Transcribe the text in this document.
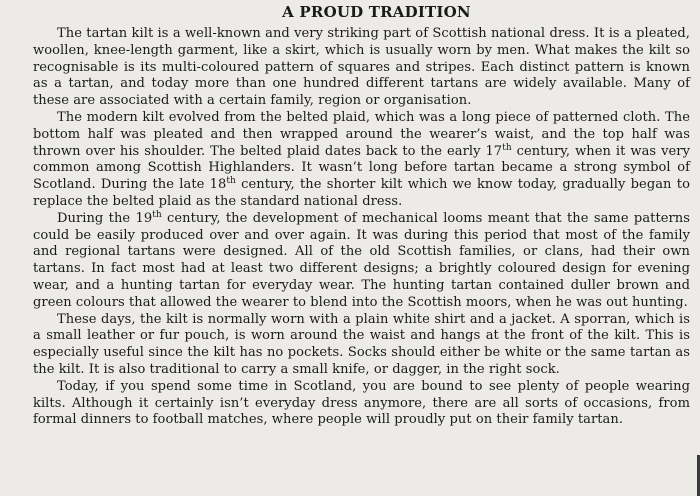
A PROUD TRADITION

The tartan kilt is a well-known and very striking part of Scottish national dress. It is a pleated, woollen, knee-length garment, like a skirt, which is usually worn by men. What makes the kilt so recognisable is its multi-coloured pattern of squares and stripes. Each distinct pattern is known as a tartan, and today more than one hundred different tartans are widely available. Many of these are associated with a certain family, region or organisation.

The modern kilt evolved from the belted plaid, which was a long piece of patterned cloth. The bottom half was pleated and then wrapped around the wearer’s waist, and the top half was thrown over his shoulder. The belted plaid dates back to the early 17th century, when it was very common among Scottish Highlanders. It wasn’t long before tartan became a strong symbol of Scotland. During the late 18th century, the shorter kilt which we know today, gradually began to replace the belted plaid as the standard national dress.

During the 19th century, the development of mechanical looms meant that the same patterns could be easily produced over and over again. It was during this period that most of the family and regional tartans were designed. All of the old Scottish families, or clans, had their own tartans. In fact most had at least two different designs; a brightly coloured design for evening wear, and a hunting tartan for everyday wear. The hunting tartan contained duller brown and green colours that allowed the wearer to blend into the Scottish moors, when he was out hunting.

These days, the kilt is normally worn with a plain white shirt and a jacket. A sporran, which is a small leather or fur pouch, is worn around the waist and hangs at the front of the kilt. This is especially useful since the kilt has no pockets. Socks should either be white or the same tartan as the kilt. It is also traditional to carry a small knife, or dagger, in the right sock.

Today, if you spend some time in Scotland, you are bound to see plenty of people wearing kilts. Although it certainly isn’t everyday dress anymore, there are all sorts of occasions, from formal dinners to football matches, where people will proudly put on their family tartan.
